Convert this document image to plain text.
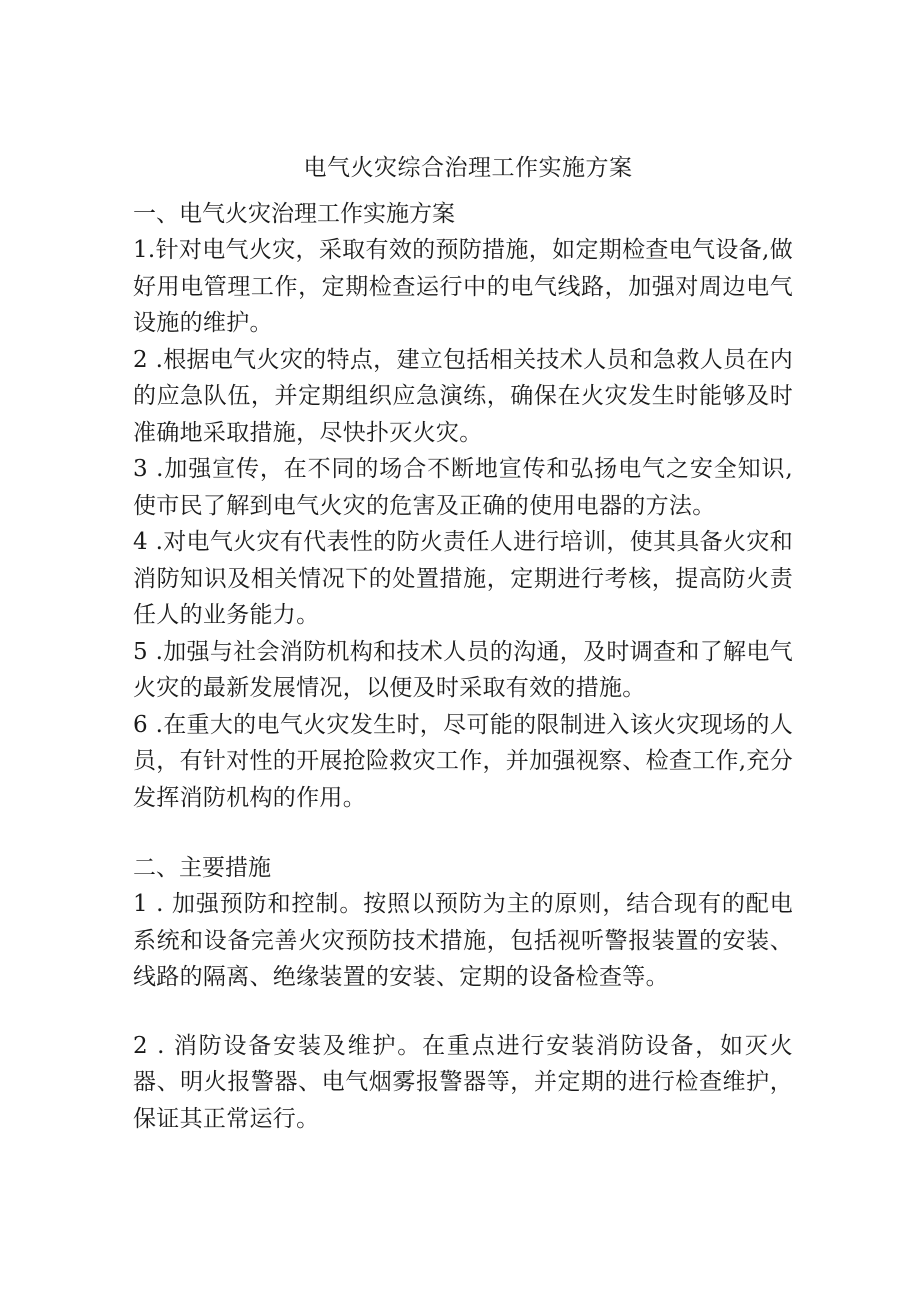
电气火灾综合治理工作实施方案
一、电气火灾治理工作实施方案

1.针对电气火灾，采取有效的预防措施，如定期检查电气设备,做好用电管理工作，定期检查运行中的电气线路，加强对周边电气设施的维护。

2 .根据电气火灾的特点，建立包括相关技术人员和急救人员在内的应急队伍，并定期组织应急演练，确保在火灾发生时能够及时准确地采取措施，尽快扑灭火灾。

3 .加强宣传，在不同的场合不断地宣传和弘扬电气之安全知识,使市民了解到电气火灾的危害及正确的使用电器的方法。

4 .对电气火灾有代表性的防火责任人进行培训，使其具备火灾和消防知识及相关情况下的处置措施，定期进行考核，提高防火责任人的业务能力。

5 .加强与社会消防机构和技术人员的沟通，及时调查和了解电气火灾的最新发展情况，以便及时采取有效的措施。

6 .在重大的电气火灾发生时，尽可能的限制进入该火灾现场的人员，有针对性的开展抢险救灾工作，并加强视察、检查工作,充分发挥消防机构的作用。

二、主要措施

1 . 加强预防和控制。按照以预防为主的原则，结合现有的配电系统和设备完善火灾预防技术措施，包括视听警报装置的安装、线路的隔离、绝缘装置的安装、定期的设备检查等。

2 . 消防设备安装及维护。在重点进行安装消防设备，如灭火器、明火报警器、电气烟雾报警器等，并定期的进行检查维护，保证其正常运行。
